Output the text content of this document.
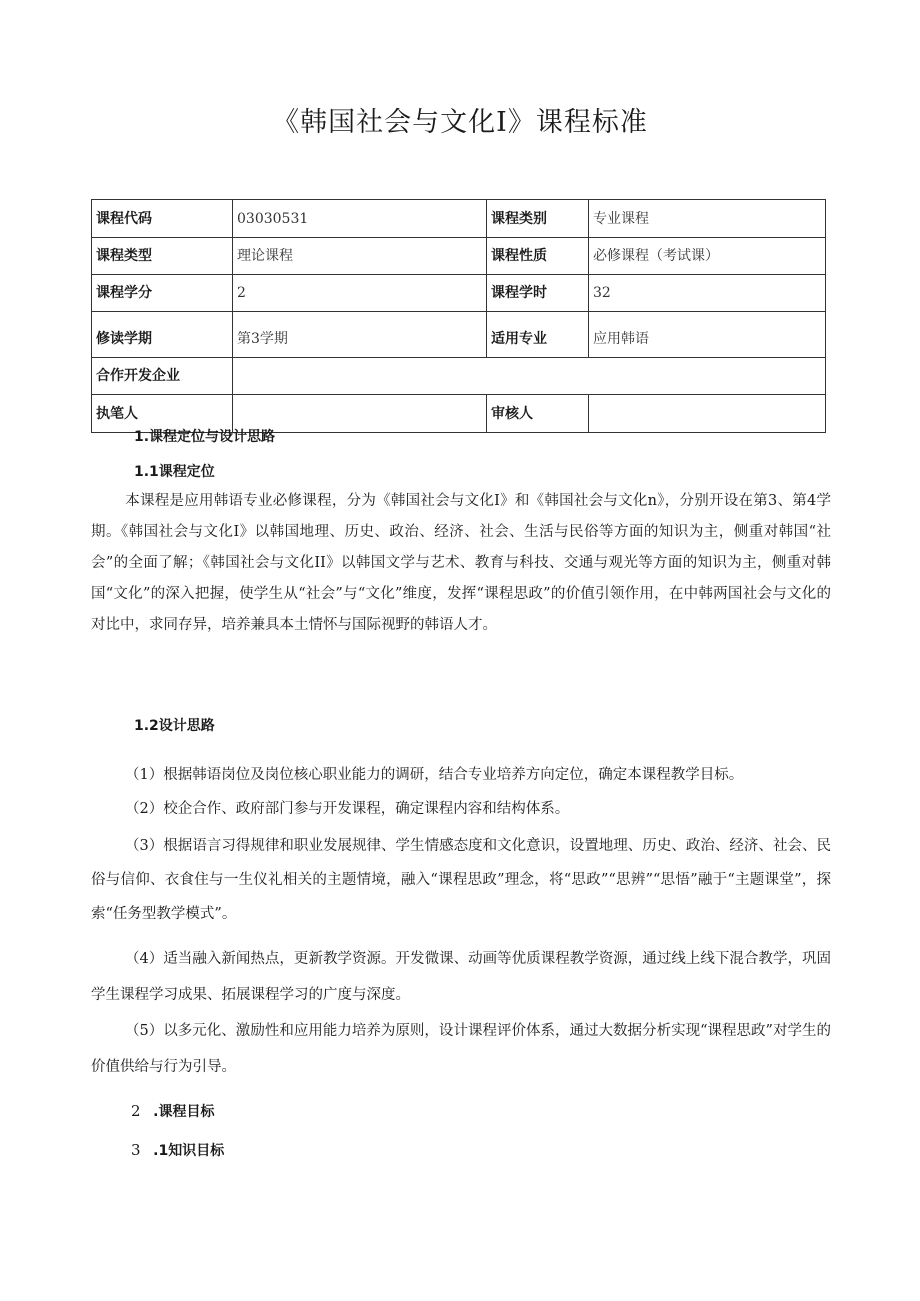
《韩国社会与文化I》课程标准
课程代码	03030531	课程类别	专业课程
课程类型	理论课程	课程性质	必修课程（考试课）
课程学分	2	课程学时	32
修读学期	第3学期	适用专业	应用韩语
合作开发企业			
执笔人		审核人	
1.课程定位与设计思路
1.1课程定位
本课程是应用韩语专业必修课程，分为《韩国社会与文化Ⅰ》和《韩国社会与文化n》，分别开设在第3、第4学期。《韩国社会与文化Ⅰ》以韩国地理、历史、政治、经济、社会、生活与民俗等方面的知识为主，侧重对韩国“社会”的全面了解；《韩国社会与文化II》以韩国文学与艺术、教育与科技、交通与观光等方面的知识为主，侧重对韩国“文化”的深入把握，使学生从“社会”与“文化”维度，发挥“课程思政”的价值引领作用，在中韩两国社会与文化的对比中，求同存异，培养兼具本土情怀与国际视野的韩语人才。
1.2设计思路
（1）根据韩语岗位及岗位核心职业能力的调研，结合专业培养方向定位，确定本课程教学目标。
（2）校企合作、政府部门参与开发课程，确定课程内容和结构体系。
（3）根据语言习得规律和职业发展规律、学生情感态度和文化意识，设置地理、历史、政治、经济、社会、民俗与信仰、衣食住与一生仪礼相关的主题情境，融入“课程思政”理念，将“思政”“思辨”“思悟”融于“主题课堂”，探索“任务型教学模式”。
（4）适当融入新闻热点，更新教学资源。开发微课、动画等优质课程教学资源，通过线上线下混合教学，巩固学生课程学习成果、拓展课程学习的广度与深度。
（5）以多元化、激励性和应用能力培养为原则，设计课程评价体系，通过大数据分析实现“课程思政”对学生的价值供给与行为引导。
2 .课程目标
3 .1知识目标
